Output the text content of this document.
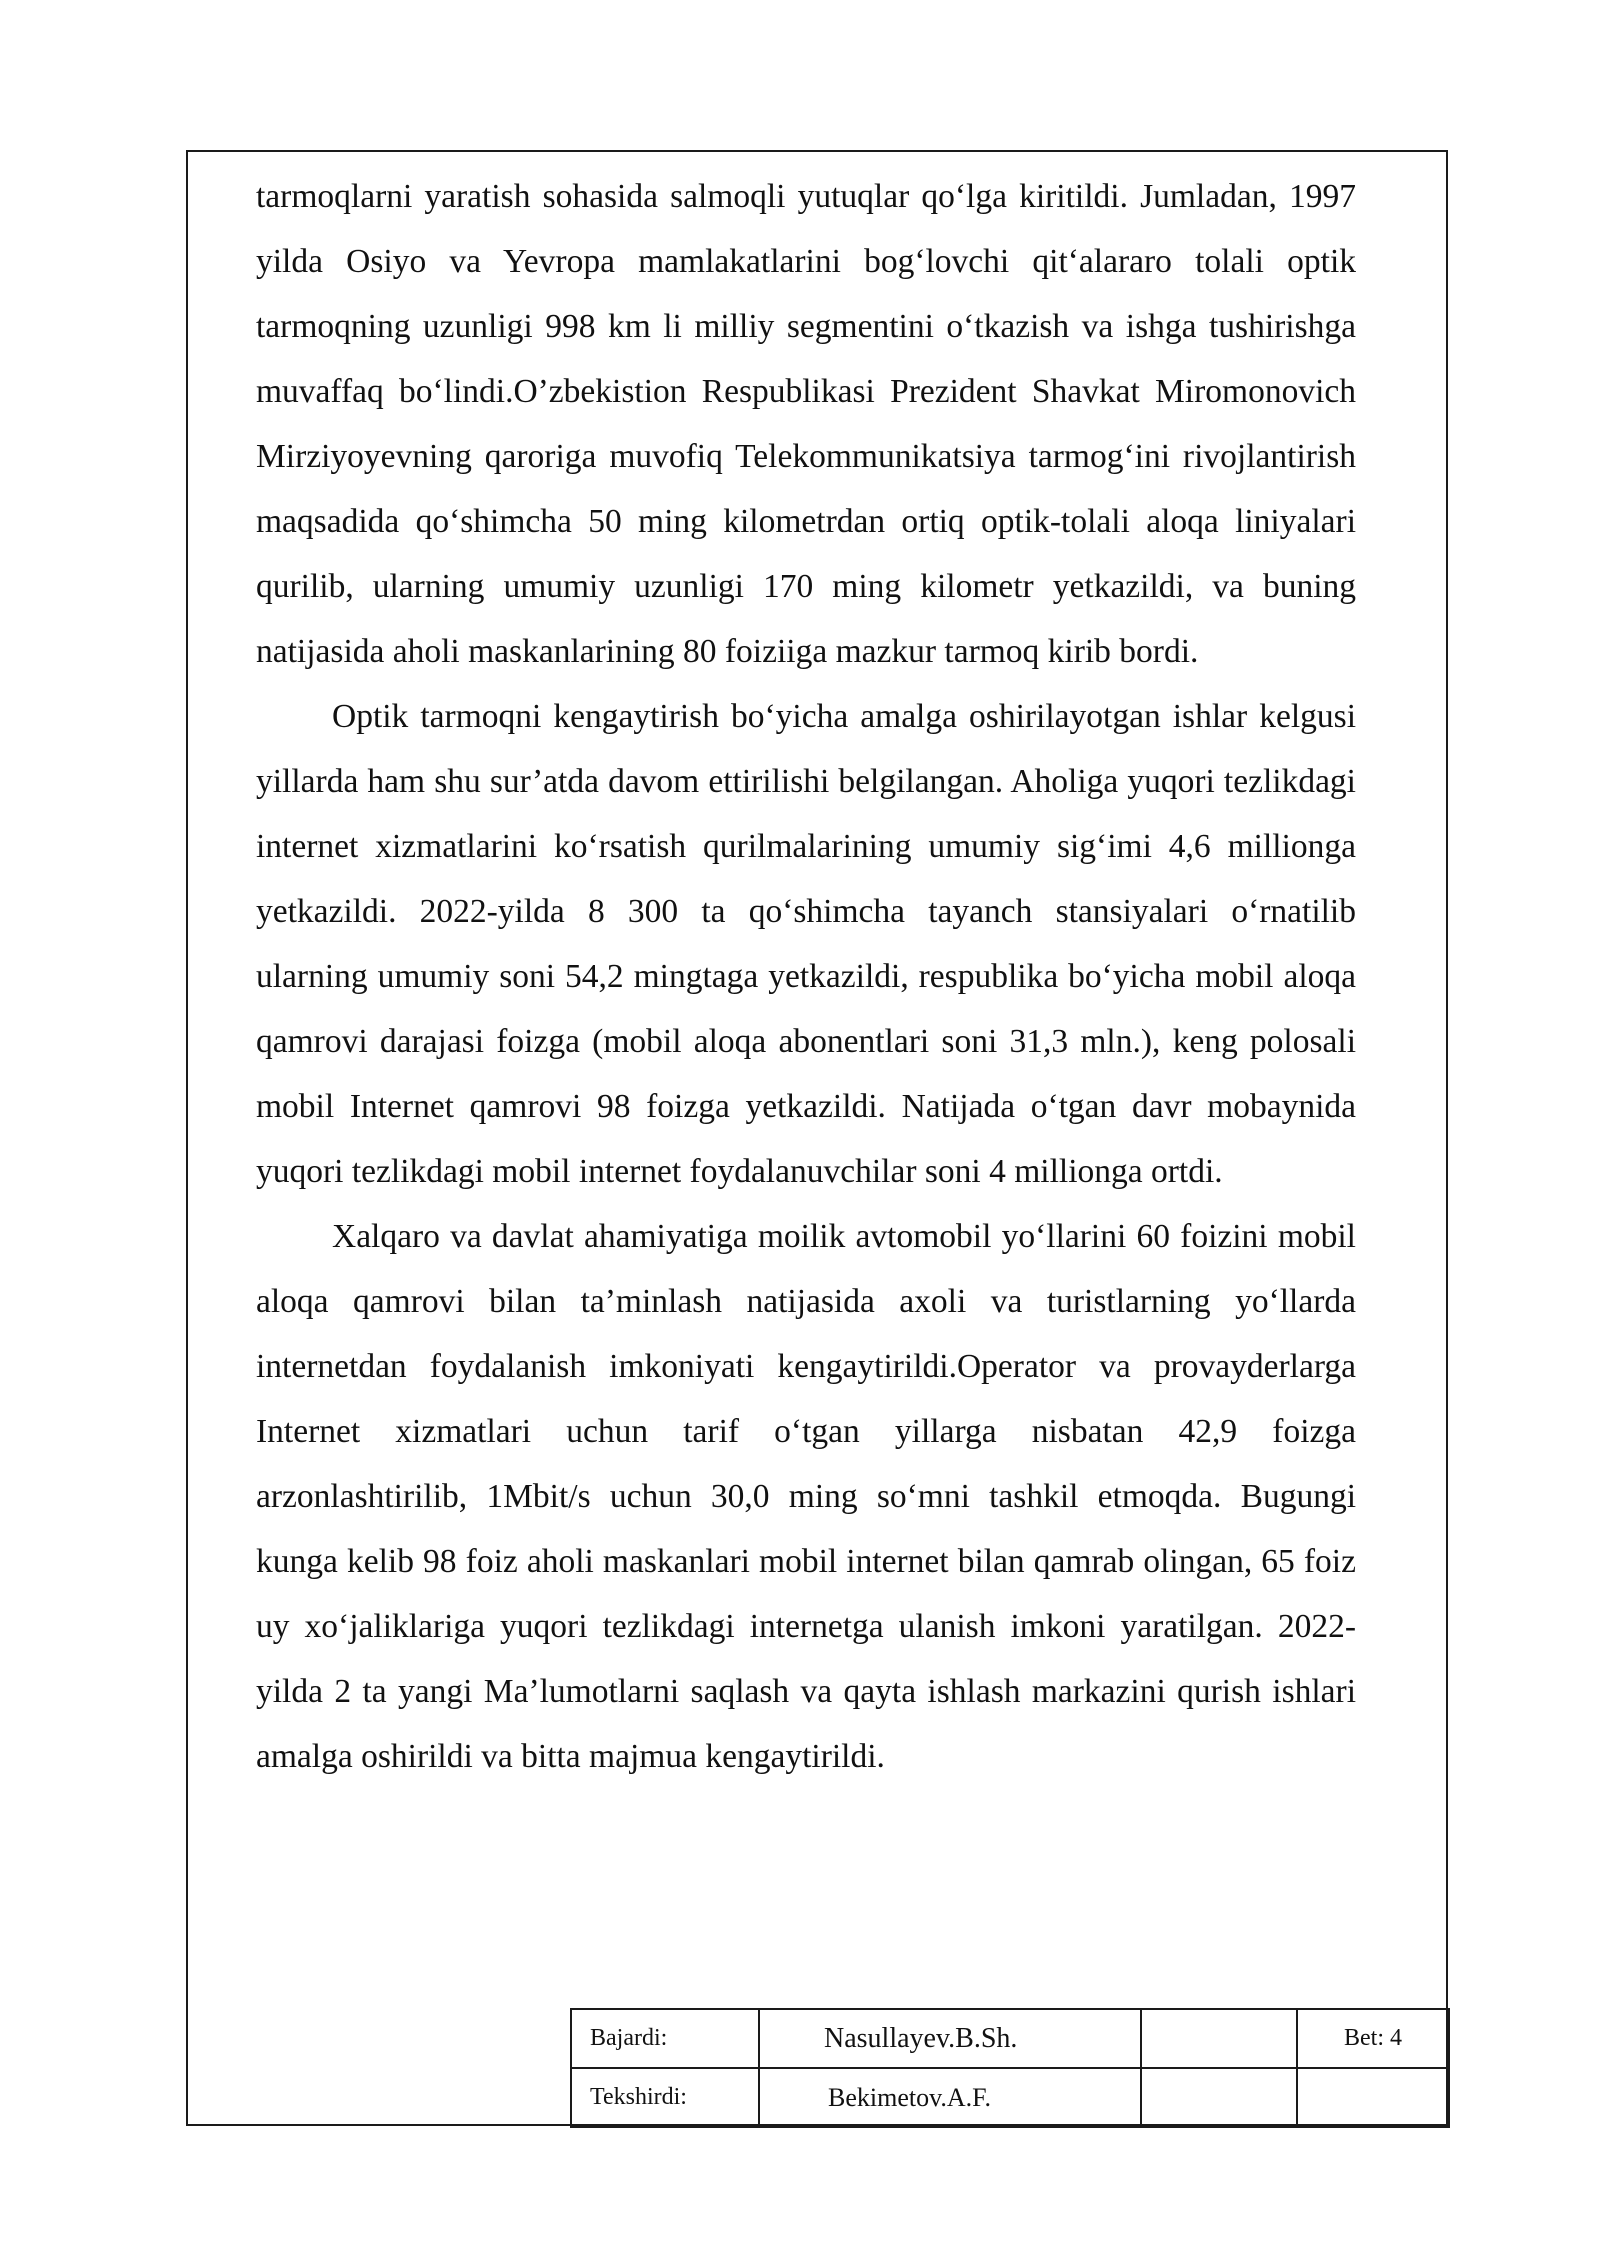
tarmoqlarni yaratish sohasida salmoqli yutuqlar qo‘lga kiritildi. Jumladan, 1997 yilda Osiyo va Yevropa mamlakatlarini bog‘lovchi qit‘alararo tolali optik tarmoqning uzunligi 998 km li milliy segmentini o‘tkazish va ishga tushirishga muvaffaq bo‘lindi.O’zbekistion Respublikasi Prezident Shavkat Miromonovich Mirziyoyevning qaroriga muvofiq Telekommunikatsiya tarmog‘ini rivojlantirish maqsadida qo‘shimcha 50 ming kilometrdan ortiq optik-tolali aloqa liniyalari qurilib, ularning umumiy uzunligi 170 ming kilometr yetkazildi, va buning natijasida aholi maskanlarining 80 foiziiga mazkur tarmoq kirib bordi.

Optik tarmoqni kengaytirish bo‘yicha amalga oshirilayotgan ishlar kelgusi yillarda ham shu sur’atda davom ettirilishi belgilangan. Aholiga yuqori tezlikdagi internet xizmatlarini ko‘rsatish qurilmalarining umumiy sig‘imi 4,6 millionga yetkazildi. 2022-yilda 8 300 ta qo‘shimcha tayanch stansiyalari o‘rnatilib ularning umumiy soni 54,2 mingtaga yetkazildi, respublika bo‘yicha mobil aloqa qamrovi darajasi foizga (mobil aloqa abonentlari soni 31,3 mln.), keng polosali mobil Internet qamrovi 98 foizga yetkazildi. Natijada o‘tgan davr mobaynida yuqori tezlikdagi mobil internet foydalanuvchilar soni 4 millionga ortdi.

Xalqaro va davlat ahamiyatiga moilik avtomobil yo‘llarini 60 foizini mobil aloqa qamrovi bilan ta’minlash natijasida axoli va turistlarning yo‘llarda internetdan foydalanish imkoniyati kengaytirildi.Operator va provayderlarga Internet xizmatlari uchun tarif o‘tgan yillarga nisbatan 42,9 foizga arzonlashtirilib, 1Mbit/s uchun 30,0 ming so‘mni tashkil etmoqda. Bugungi kunga kelib 98 foiz aholi maskanlari mobil internet bilan qamrab olingan, 65 foiz uy xo‘jaliklariga yuqori tezlikdagi internetga ulanish imkoni yaratilgan. 2022-yilda 2 ta yangi Ma’lumotlarni saqlash va qayta ishlash markazini qurish ishlari amalga oshirildi va bitta majmua kengaytirildi.

Bajardi:	Nasullayev.B.Sh.		Bet: 4
Tekshirdi:	Bekimetov.A.F.		
